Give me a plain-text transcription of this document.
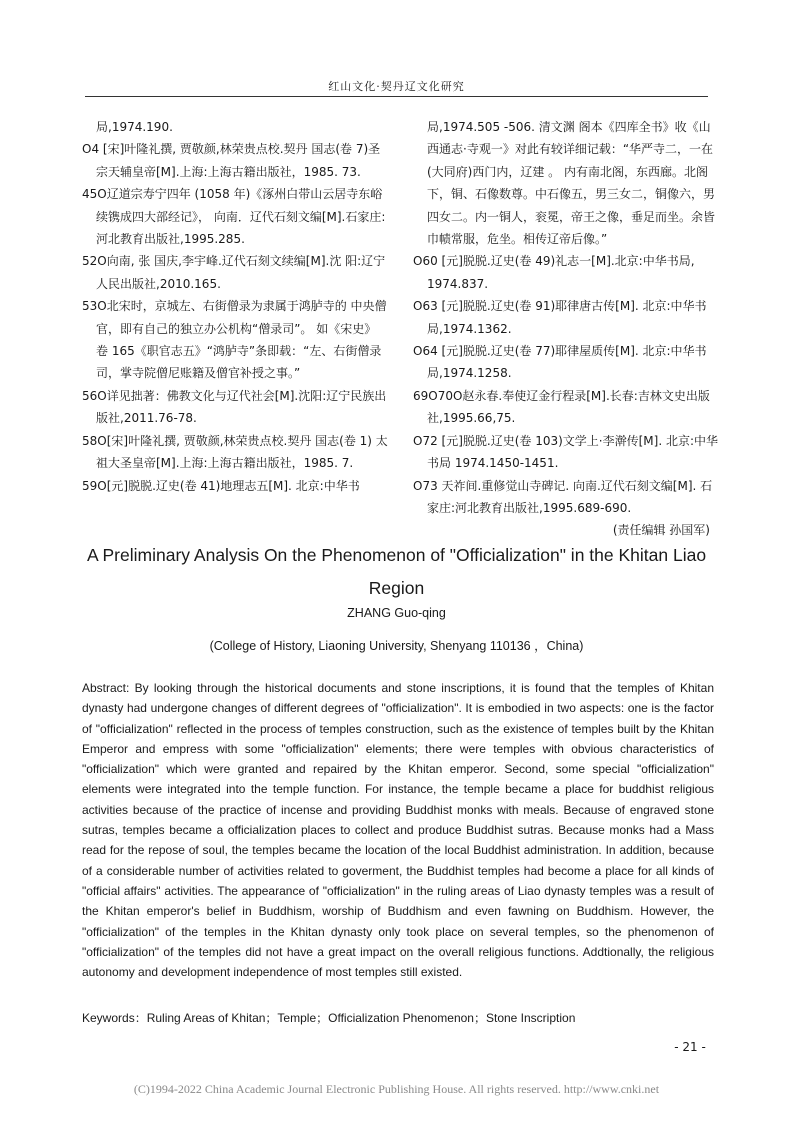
红山文化·契丹辽文化研究
局,1974.190.
O4 [宋]叶隆礼撰, 贾敬颜,林荣贵点校.契丹 国志(卷 7)圣宗天辅皇帝[M].上海:上海古籍出版社，1985. 73.
45O辽道宗寿宁四年 (1058 年)《涿州白带山云居寺东峪续镌成四大部经记》， 向南．辽代石刻文编[M].石家庄:河北教育出版社,1995.285.
52O向南, 张 国庆,李宇峰.辽代石刻文续编[M].沈 阳:辽宁人民出版社,2010.165.
53O北宋时，京城左、右街僧录为隶属于鸿胪寺的 中央僧官，即有自己的独立办公机构“僧录司”。 如《宋史》卷 165《职官志五》“鸿胪寺”条即载：“左、右街僧录司，掌寺院僧尼账籍及僧官补授之事。”
56O详见拙著：佛教文化与辽代社会[M].沈阳:辽宁民族出版社,2011.76-78.
58O[宋]叶隆礼撰, 贾敬颜,林荣贵点校.契丹 国志(卷 1) 太祖大圣皇帝[M].上海:上海古籍出版社，1985. 7.
59O[元]脱脱.辽史(卷 41)地理志五[M]. 北京:中华书
局,1974.505 -506. 清文渊 阁本《四库全书》收《山西通志·寺观一》对此有较详细记载：“华严寺二，一在(大同府)西门内，辽建 。 内有南北阁，东西廊。北阁下，铜、石像数尊。中石像五，男三女二，铜像六，男四女二。内一铜人，衮冕，帝王之像，垂足而坐。余皆巾帻常服，危坐。相传辽帝后像。”
O60 [元]脱脱.辽史(卷 49)礼志一[M].北京:中华书局, 1974.837.
O63 [元]脱脱.辽史(卷 91)耶律唐古传[M]. 北京:中华书局,1974.1362.
O64 [元]脱脱.辽史(卷 77)耶律屋质传[M]. 北京:中华书局,1974.1258.
69O70O赵永春.奉使辽金行程录[M].长春:吉林文史出版社,1995.66,75.
O72 [元]脱脱.辽史(卷 103)文学上·李澣传[M]. 北京:中华书局 1974.1450-1451.
O73 天祚间.重修觉山寺碑记. 向南.辽代石刻文编[M]. 石家庄:河北教育出版社,1995.689-690.
(责任编辑 孙国军)
A Preliminary Analysis On the Phenomenon of "Officialization" in the Khitan Liao Region
ZHANG Guo-qing
(College of History, Liaoning University, Shenyang 110136 ，China)
Abstract: By looking through the historical documents and stone inscriptions, it is found that the temples of Khitan dynasty had undergone changes of different degrees of "officialization". It is embodied in two aspects: one is the factor of "officialization" reflected in the process of temples construction, such as the existence of temples built by the Khitan Emperor and empress with some "officialization" elements; there were temples with obvious characteristics of "officialization" which were granted and repaired by the Khitan emperor. Second, some special "officialization" elements were integrated into the temple function. For instance, the temple became a place for buddhist religious activities because of the practice of incense and providing Buddhist monks with meals. Because of engraved stone sutras, temples became a officialization places to collect and produce Buddhist sutras. Because monks had a Mass read for the repose of soul, the temples became the location of the local Buddhist administration. In addition, because of a considerable number of activities related to goverment, the Buddhist temples had become a place for all kinds of "official affairs" activities. The appearance of "officialization" in the ruling areas of Liao dynasty temples was a result of the Khitan emperor's belief in Buddhism, worship of Buddhism and even fawning on Buddhism. However, the "officialization" of the temples in the Khitan dynasty only took place on several temples, so the phenomenon of "officialization" of the temples did not have a great impact on the overall religious functions. Addtionally, the religious autonomy and development independence of most temples still existed.
Keywords：Ruling Areas of Khitan；Temple；Officialization Phenomenon；Stone Inscription
- 21 -
(C)1994-2022 China Academic Journal Electronic Publishing House. All rights reserved. http://www.cnki.net
